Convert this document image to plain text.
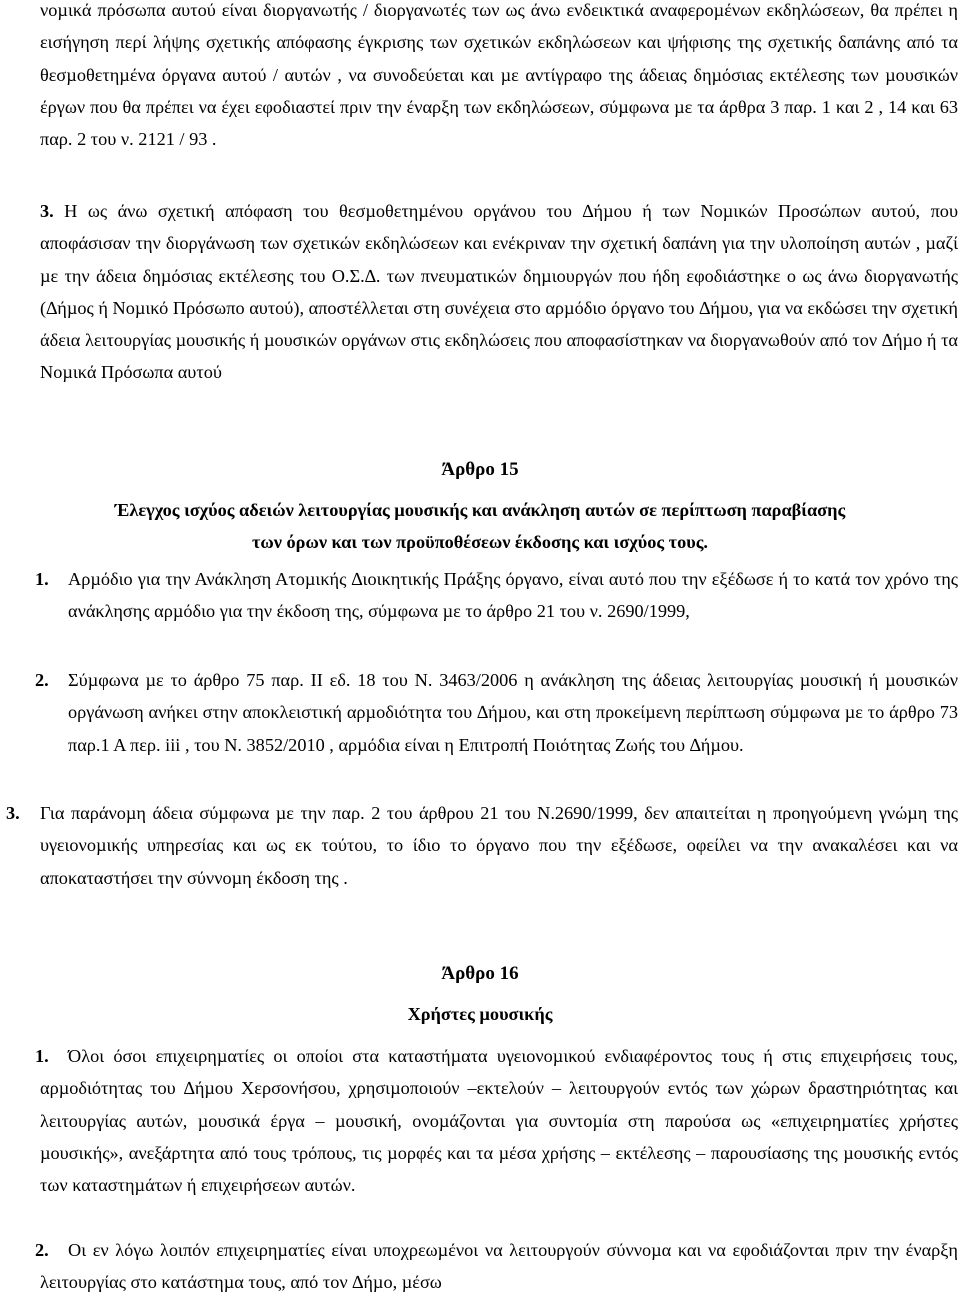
νοµικά πρόσωπα αυτού είναι διοργανωτής / διοργανωτές των ως άνω ενδεικτικά αναφεροµένων εκδηλώσεων, θα πρέπει η εισήγηση περί λήψης σχετικής απόφασης έγκρισης των σχετικών εκδηλώσεων και ψήφισης της σχετικής δαπάνης από τα θεσµοθετηµένα όργανα αυτού / αυτών , να συνοδεύεται και µε αντίγραφο της άδειας δηµόσιας εκτέλεσης των µουσικών έργων που θα πρέπει να έχει εφοδιαστεί πριν την έναρξη των εκδηλώσεων, σύµφωνα µε τα άρθρα 3 παρ. 1 και 2 , 14 και 63 παρ. 2 του ν. 2121 / 93 .

3. Η ως άνω σχετική απόφαση του θεσµοθετηµένου οργάνου του ∆ήµου ή των Νοµικών Προσώπων αυτού, που αποφάσισαν την διοργάνωση των σχετικών εκδηλώσεων και ενέκριναν την σχετική δαπάνη για την υλοποίηση αυτών , µαζί µε την άδεια δηµόσιας εκτέλεσης του Ο.Σ.∆. των πνευµατικών δηµιουργών που ήδη εφοδιάστηκε ο ως άνω διοργανωτής (∆ήµος ή Νοµικό Πρόσωπο αυτού), αποστέλλεται στη συνέχεια στο αρµόδιο όργανο του ∆ήµου, για να εκδώσει την σχετική άδεια λειτουργίας µουσικής ή µουσικών οργάνων στις εκδηλώσεις που αποφασίστηκαν να διοργανωθούν από τον ∆ήµο ή τα Νοµικά Πρόσωπα αυτού

Άρθρο 15
Έλεγχος ισχύος αδειών λειτουργίας µουσικής και ανάκληση αυτών σε περίπτωση παραβίασης
των όρων και των προϋποθέσεων έκδοσης και ισχύος τους.
1.	Αρµόδιο για την Ανάκληση Ατοµικής ∆ιοικητικής Πράξης όργανο, είναι αυτό που την εξέδωσε ή το κατά τον χρόνο της ανάκλησης αρµόδιο για την έκδοση της, σύµφωνα µε το άρθρο 21 του ν. 2690/1999,
2.	Σύµφωνα µε το άρθρο 75 παρ. ΙΙ εδ. 18 του Ν. 3463/2006 η ανάκληση της άδειας λειτουργίας µουσική ή µουσικών οργάνωση ανήκει στην αποκλειστική αρµοδιότητα του ∆ήµου, και στη προκείµενη περίπτωση σύµφωνα µε το άρθρο 73 παρ.1 Α περ. iii , του Ν. 3852/2010 , αρµόδια είναι η Επιτροπή Ποιότητας Ζωής του ∆ήµου.
3. Για παράνοµη άδεια σύµφωνα µε την παρ. 2 του άρθρου 21 του Ν.2690/1999, δεν απαιτείται η προηγούµενη γνώµη της υγειονοµικής υπηρεσίας και ως εκ τούτου, το ίδιο το όργανο που την εξέδωσε, οφείλει να την ανακαλέσει και να αποκαταστήσει την σύννοµη έκδοση της .
Άρθρο 16
Χρήστες µουσικής
1.	Όλοι όσοι επιχειρηµατίες οι οποίοι στα καταστήµατα υγειονοµικού ενδιαφέροντος τους ή στις επιχειρήσεις τους, αρµοδιότητας του ∆ήµου Χερσονήσου, χρησιµοποιούν –εκτελούν – λειτουργούν εντός των χώρων δραστηριότητας και λειτουργίας αυτών, µουσικά έργα – µουσική, ονοµάζονται για συντοµία στη παρούσα ως «επιχειρηµατίες χρήστες µουσικής», ανεξάρτητα από τους τρόπους, τις µορφές και τα µέσα χρήσης – εκτέλεσης – παρουσίασης της µουσικής εντός των καταστηµάτων ή επιχειρήσεων αυτών.
2.	Οι εν λόγω λοιπόν επιχειρηµατίες είναι υποχρεωµένοι να λειτουργούν σύννοµα και να εφοδιάζονται πριν την έναρξη λειτουργίας στο κατάστηµα τους, από τον ∆ήµο, µέσω
